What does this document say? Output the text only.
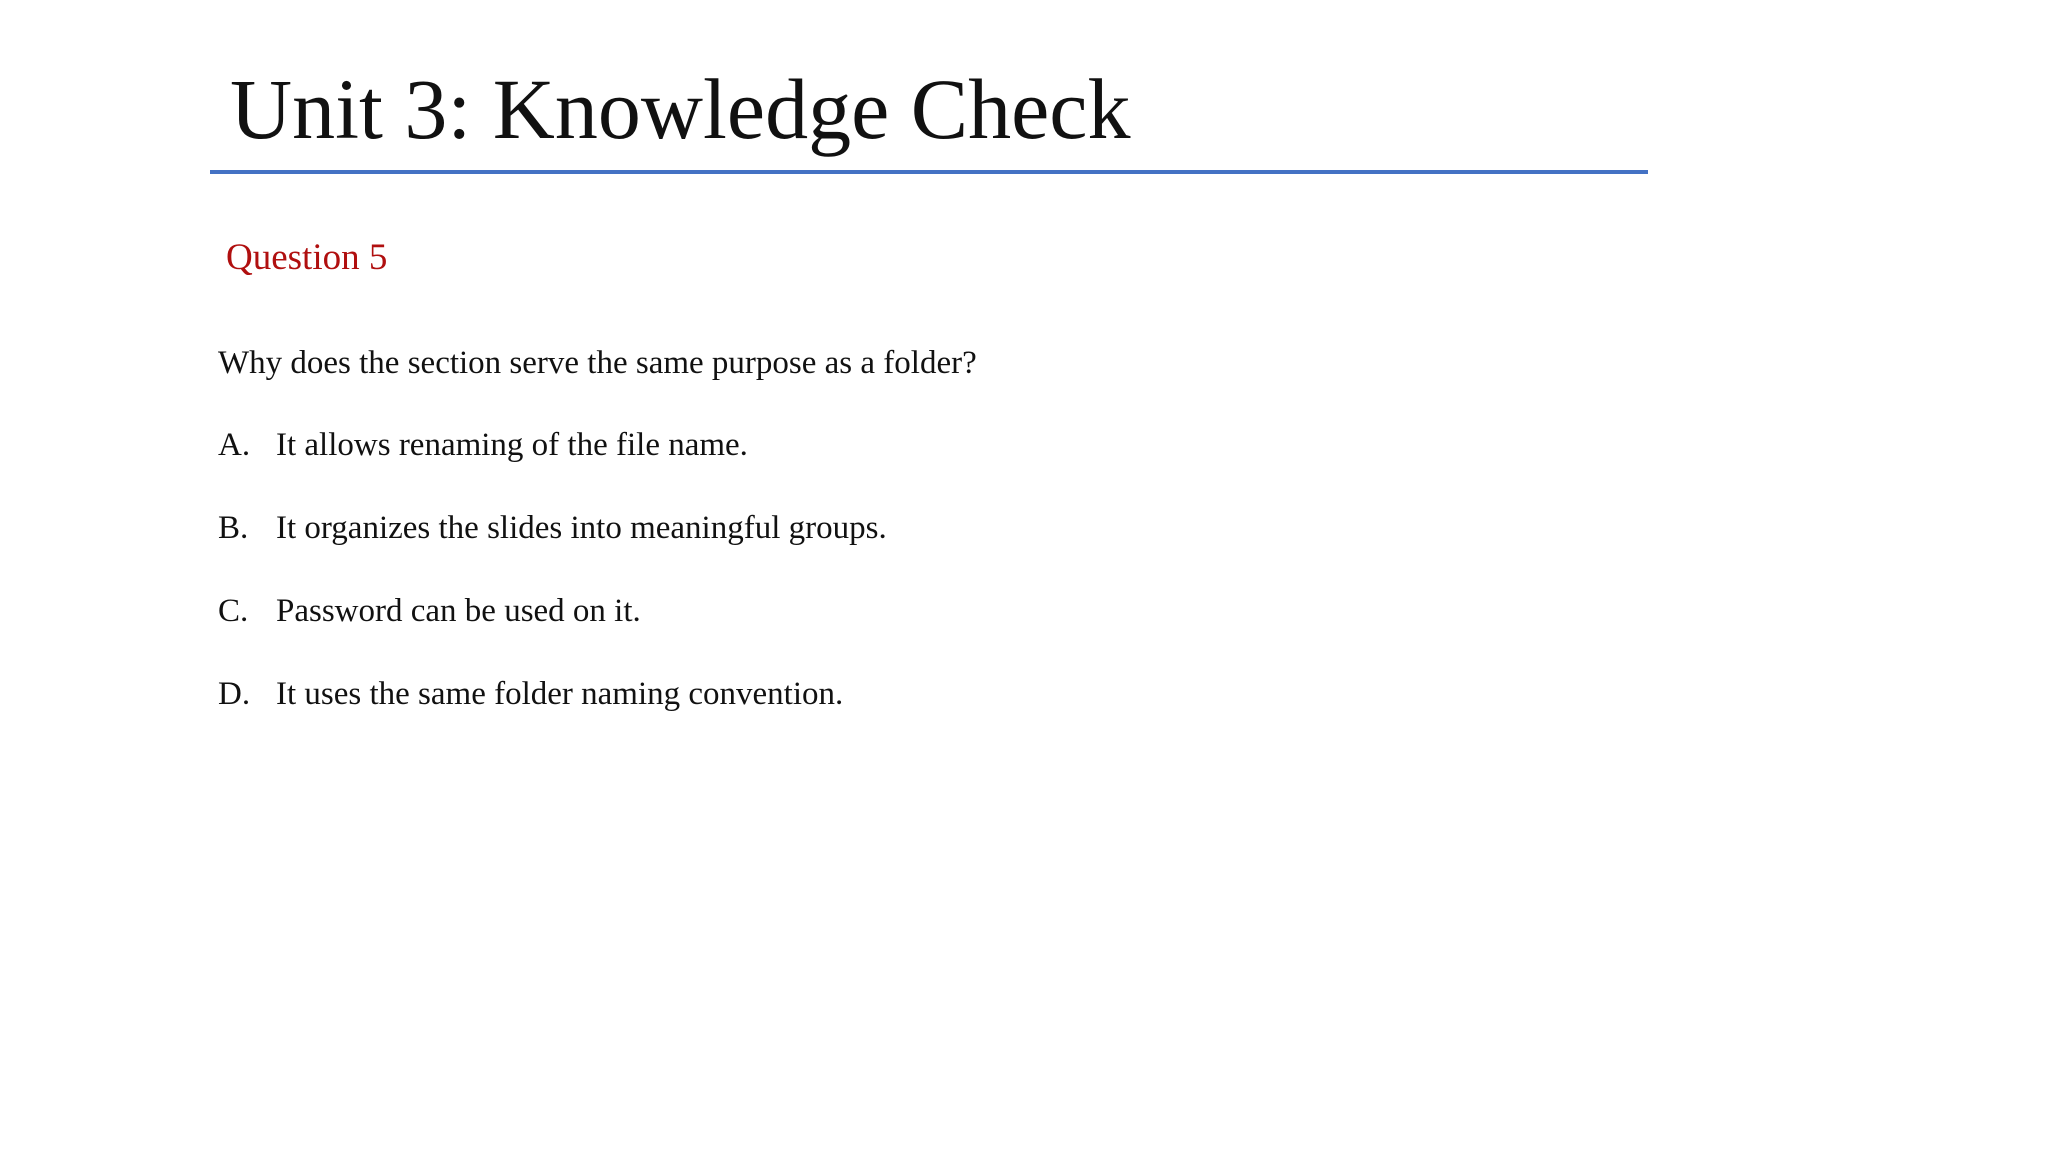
Unit 3: Knowledge Check

Question 5

Why does the section serve the same purpose as a folder?

A. It allows renaming of the file name.
B. It organizes the slides into meaningful groups.
C. Password can be used on it.
D. It uses the same folder naming convention.
